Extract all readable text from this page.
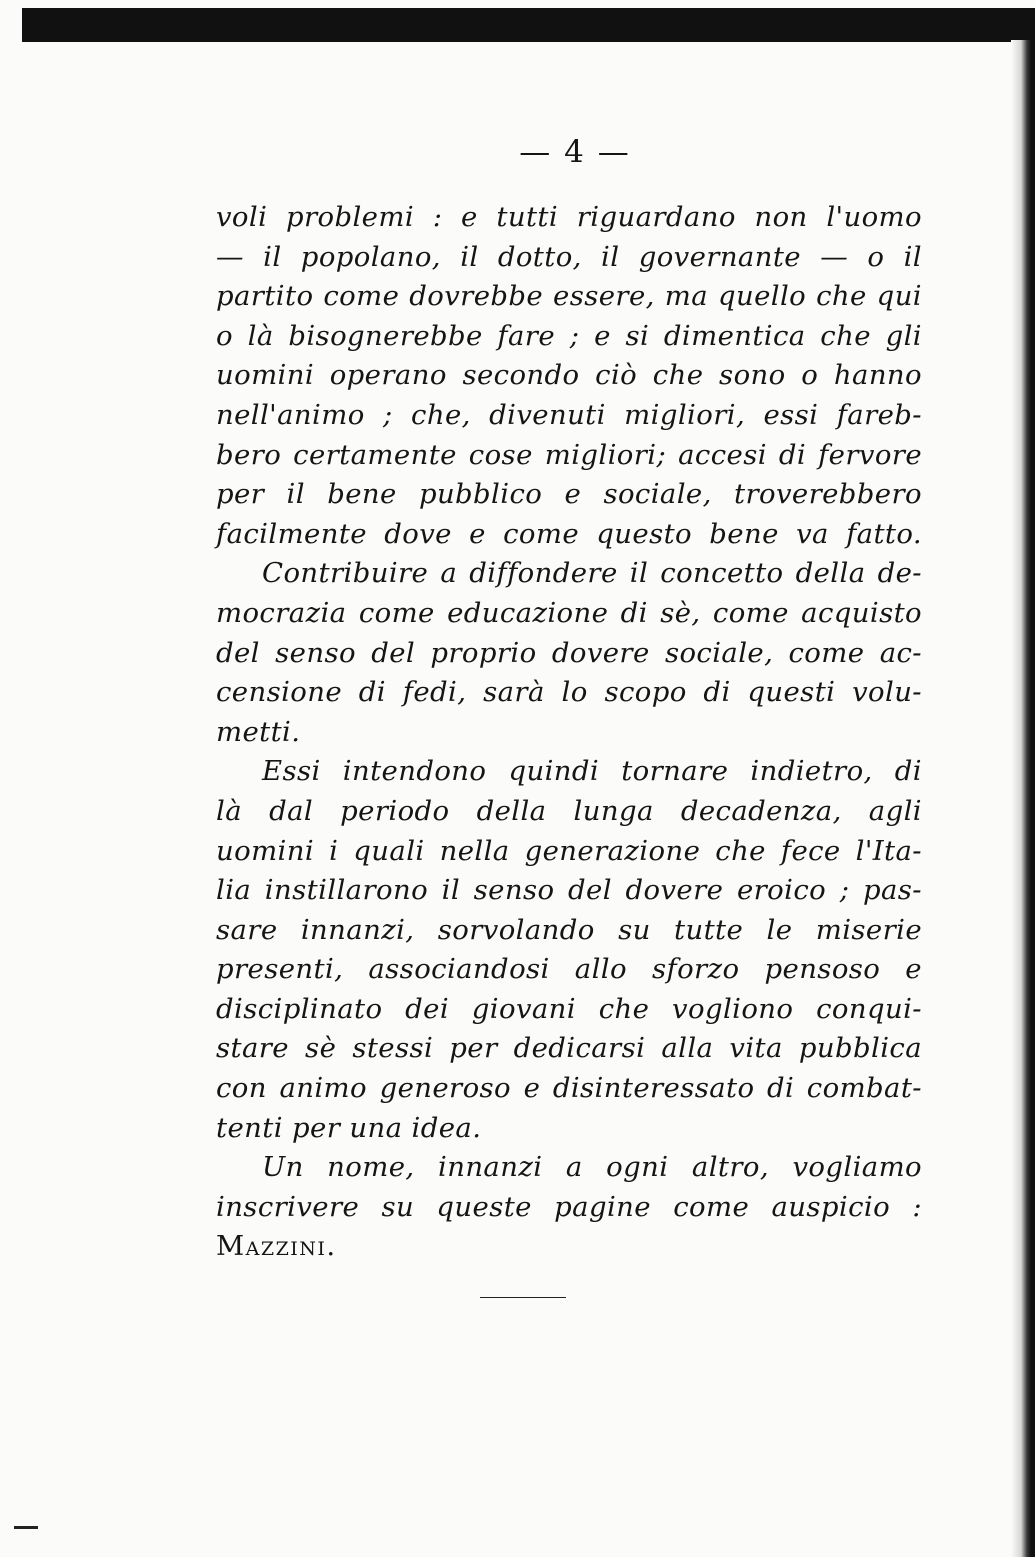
— 4 —
voli problemi : e tutti riguardano non l'uomo
— il popolano, il dotto, il governante — o il
partito come dovrebbe essere, ma quello che qui
o là bisognerebbe fare ; e si dimentica che gli
uomini operano secondo ciò che sono o hanno
nell'animo ; che, divenuti migliori, essi fareb-
bero certamente cose migliori; accesi di fervore
per il bene pubblico e sociale, troverebbero
facilmente dove e come questo bene va fatto.
Contribuire a diffondere il concetto della de-
mocrazia come educazione di sè, come acquisto
del senso del proprio dovere sociale, come ac-
censione di fedi, sarà lo scopo di questi volu-
metti.
Essi intendono quindi tornare indietro, di
là dal periodo della lunga decadenza, agli
uomini i quali nella generazione che fece l'Ita-
lia instillarono il senso del dovere eroico ; pas-
sare innanzi, sorvolando su tutte le miserie
presenti, associandosi allo sforzo pensoso e
disciplinato dei giovani che vogliono conqui-
stare sè stessi per dedicarsi alla vita pubblica
con animo generoso e disinteressato di combat-
tenti per una idea.
Un nome, innanzi a ogni altro, vogliamo
inscrivere su queste pagine come auspicio :
Mazzini.
